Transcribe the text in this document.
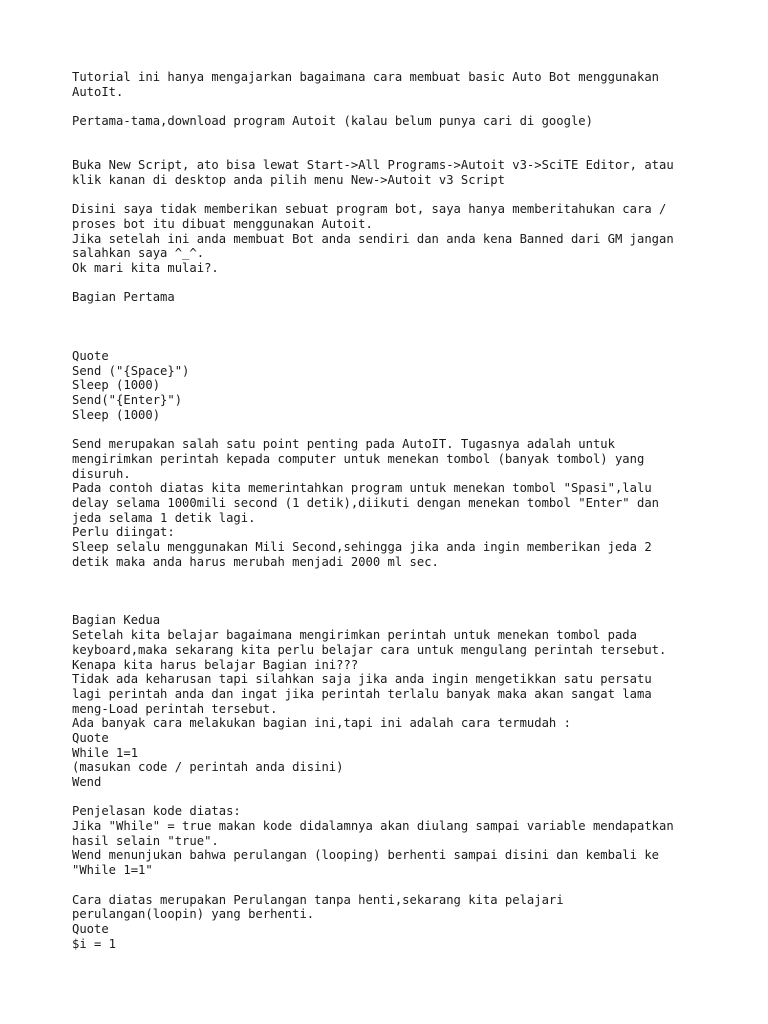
Tutorial ini hanya mengajarkan bagaimana cara membuat basic Auto Bot menggunakan
AutoIt.
Pertama-tama,download program Autoit (kalau belum punya cari di google)
Buka New Script, ato bisa lewat Start->All Programs->Autoit v3->SciTE Editor, atau
klik kanan di desktop anda pilih menu New->Autoit v3 Script
Disini saya tidak memberikan sebuat program bot, saya hanya memberitahukan cara /
proses bot itu dibuat menggunakan Autoit.
Jika setelah ini anda membuat Bot anda sendiri dan anda kena Banned dari GM jangan
salahkan saya ^_^.
Ok mari kita mulai?.
Bagian Pertama
Quote
Send ("{Space}")
Sleep (1000)
Send("{Enter}")
Sleep (1000)
Send merupakan salah satu point penting pada AutoIT. Tugasnya adalah untuk
mengirimkan perintah kepada computer untuk menekan tombol (banyak tombol) yang
disuruh.
Pada contoh diatas kita memerintahkan program untuk menekan tombol "Spasi",lalu
delay selama 1000mili second (1 detik),diikuti dengan menekan tombol "Enter" dan
jeda selama 1 detik lagi.
Perlu diingat:
Sleep selalu menggunakan Mili Second,sehingga jika anda ingin memberikan jeda 2
detik maka anda harus merubah menjadi 2000 ml sec.
Bagian Kedua
Setelah kita belajar bagaimana mengirimkan perintah untuk menekan tombol pada
keyboard,maka sekarang kita perlu belajar cara untuk mengulang perintah tersebut.
Kenapa kita harus belajar Bagian ini???
Tidak ada keharusan tapi silahkan saja jika anda ingin mengetikkan satu persatu
lagi perintah anda dan ingat jika perintah terlalu banyak maka akan sangat lama
meng-Load perintah tersebut.
Ada banyak cara melakukan bagian ini,tapi ini adalah cara termudah :
Quote
While 1=1
(masukan code / perintah anda disini)
Wend
Penjelasan kode diatas:
Jika "While" = true makan kode didalamnya akan diulang sampai variable mendapatkan
hasil selain "true".
Wend menunjukan bahwa perulangan (looping) berhenti sampai disini dan kembali ke
"While 1=1"
Cara diatas merupakan Perulangan tanpa henti,sekarang kita pelajari
perulangan(loopin) yang berhenti.
Quote
$i = 1
